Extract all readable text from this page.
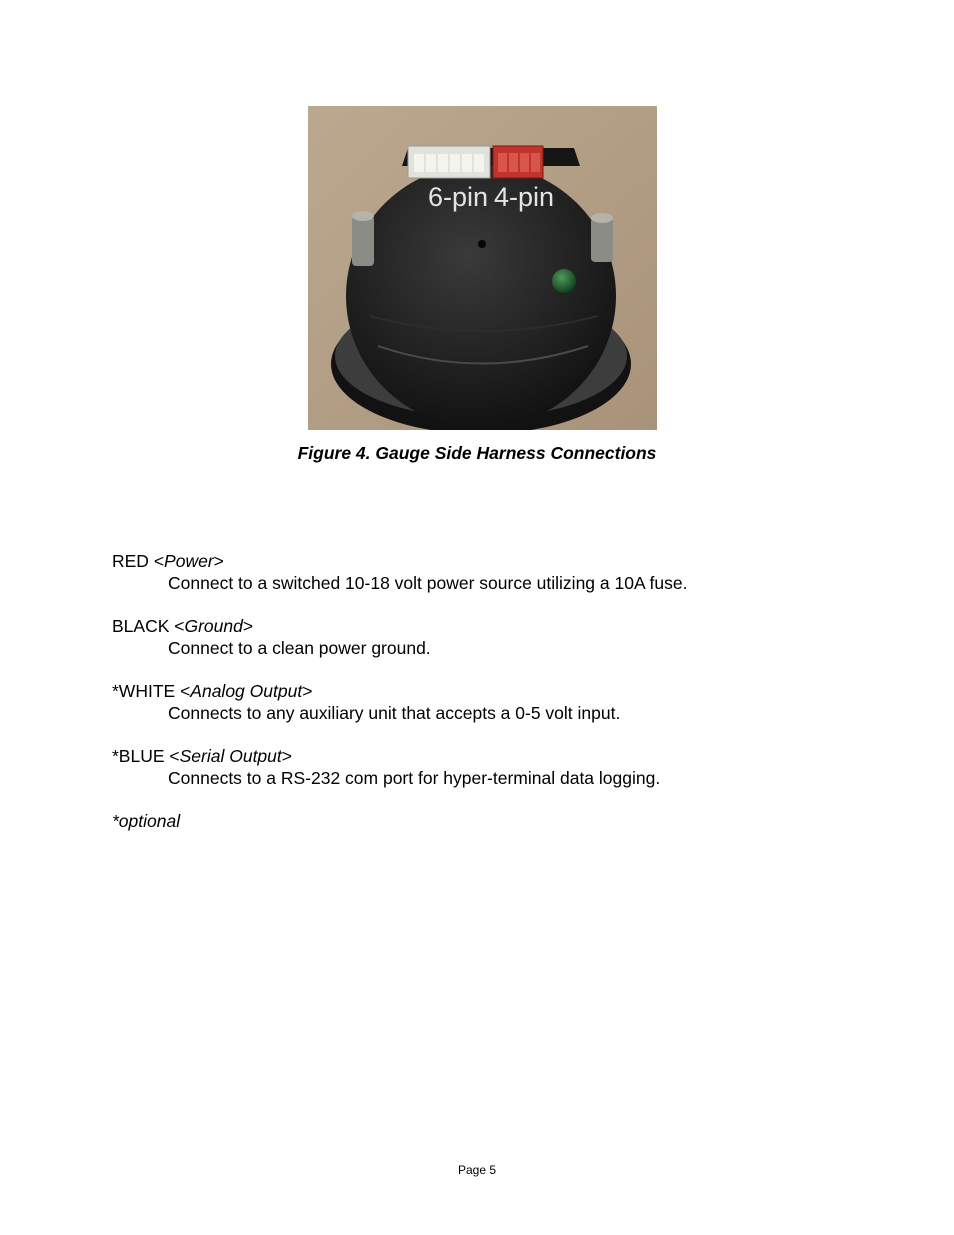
6-pin 4-pin
Figure 4. Gauge Side Harness Connections
RED <Power>
Connect to a switched 10-18 volt power source utilizing a 10A fuse.
BLACK <Ground>
Connect to a clean power ground.
*WHITE <Analog Output>
Connects to any auxiliary unit that accepts a 0-5 volt input.
*BLUE <Serial Output>
Connects to a RS-232 com port for hyper-terminal data logging.
*optional
Page 5
